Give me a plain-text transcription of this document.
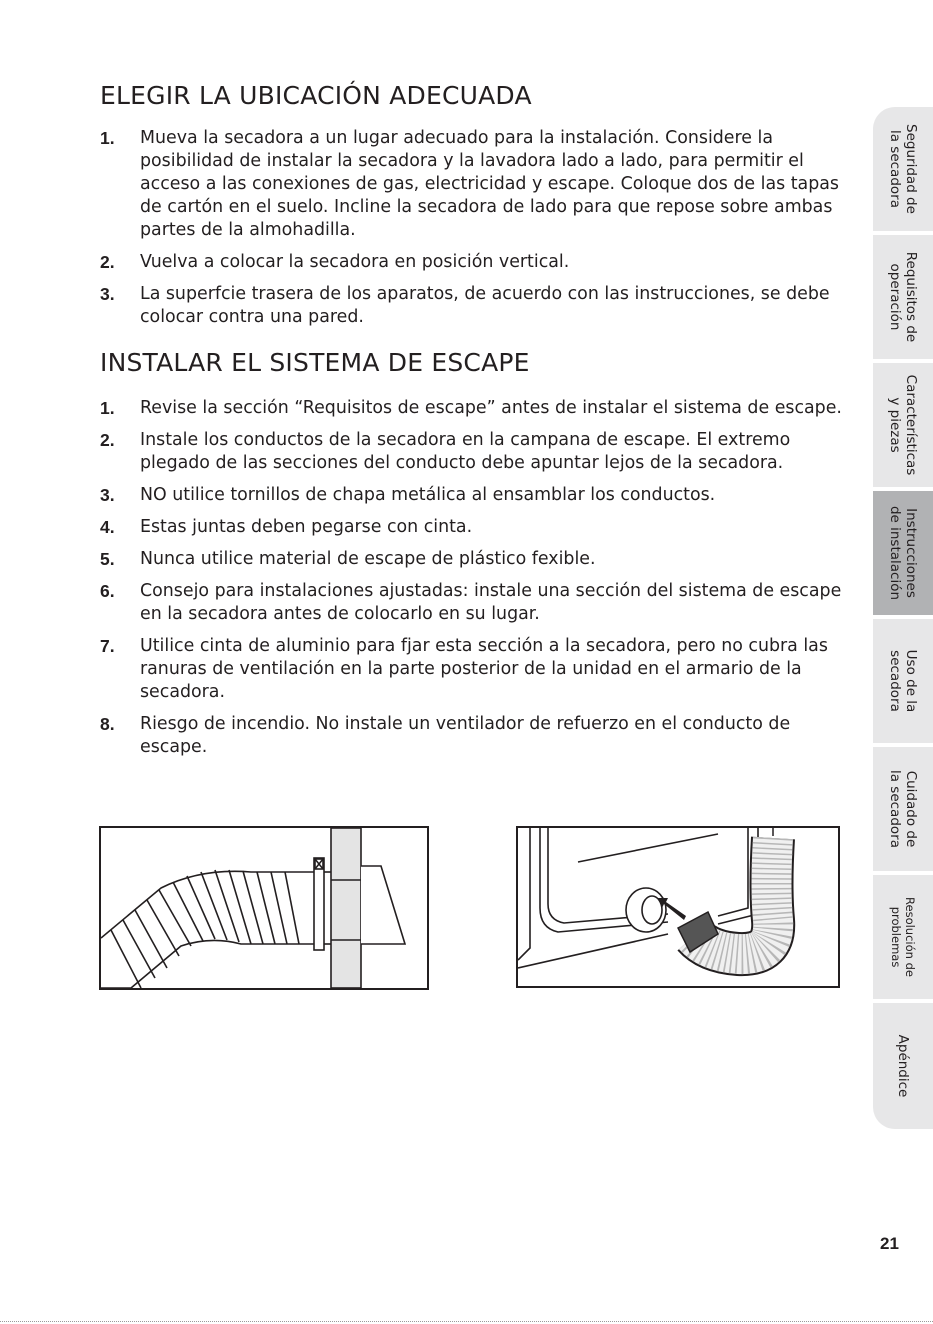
ELEGIR LA UBICACIÓN ADECUADA
1. Mueva la secadora a un lugar adecuado para la instalación. Considere la posibilidad de instalar la secadora y la lavadora lado a lado, para permitir el acceso a las conexiones de gas, electricidad y escape. Coloque dos de las tapas de cartón en el suelo. Incline la secadora de lado para que repose sobre ambas partes de la almohadilla.
2. Vuelva a colocar la secadora en posición vertical.
3. La superfcie trasera de los aparatos, de acuerdo con las instrucciones, se debe colocar contra una pared.
INSTALAR EL SISTEMA DE ESCAPE
1. Revise la sección “Requisitos de escape” antes de instalar el sistema de escape.
2. Instale los conductos de la secadora en la campana de escape. El extremo plegado de las secciones del conducto debe apuntar lejos de la secadora.
3. NO utilice tornillos de chapa metálica al ensamblar los conductos.
4. Estas juntas deben pegarse con cinta.
5. Nunca utilice material de escape de plástico fexible.
6. Consejo para instalaciones ajustadas: instale una sección del sistema de escape en la secadora antes de colocarlo en su lugar.
7. Utilice cinta de aluminio para fjar esta sección a la secadora, pero no cubra las ranuras de ventilación en la parte posterior de la unidad en el armario de la secadora.
8. Riesgo de incendio. No instale un ventilador de refuerzo en el conducto de escape.
Seguridad de
la secadora
Requisitos de
operación
Características
y piezas
Instrucciones
de instalación
Uso de la
secadora
Cuidado de
la secadora
Resolución de
problemas
Apéndice
21
